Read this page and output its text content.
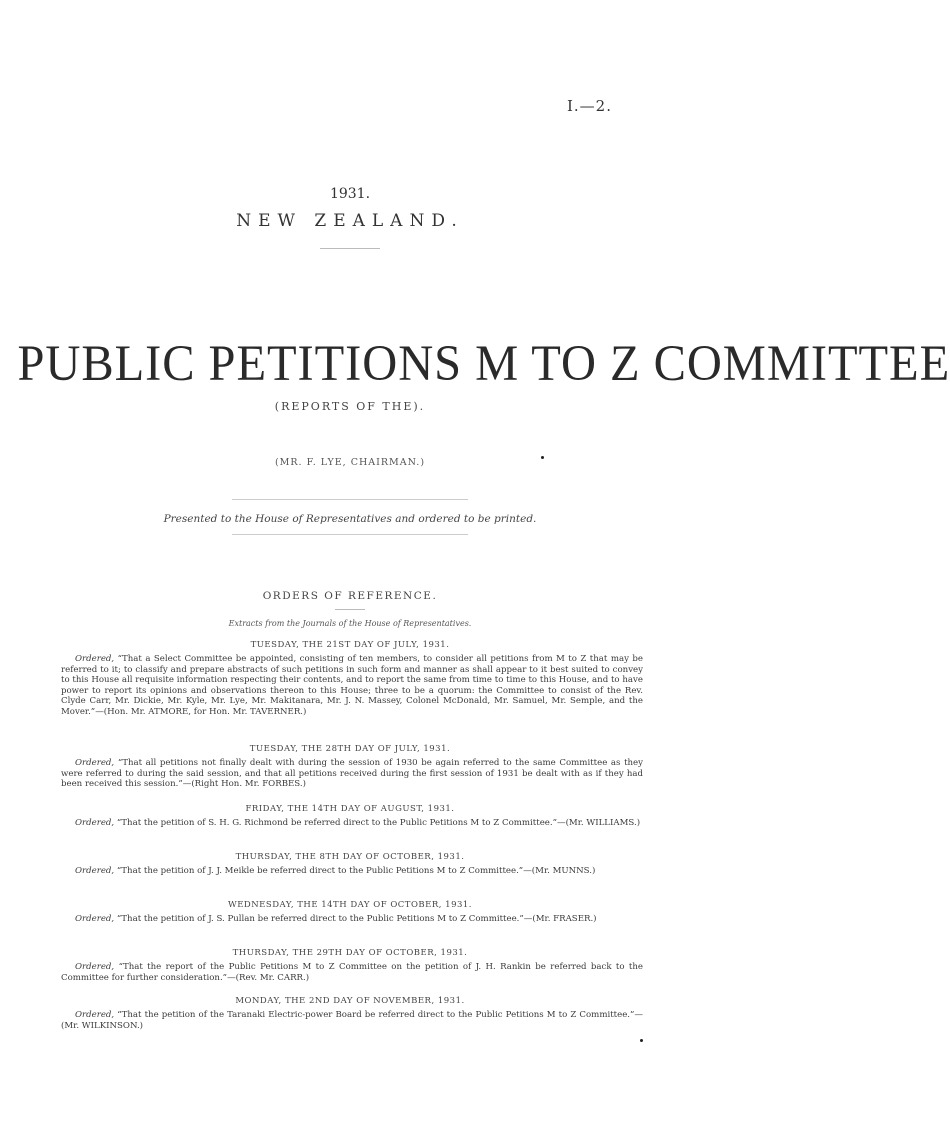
I.—2.
1931.
NEW ZEALAND.
PUBLIC PETITIONS M TO Z COMMITTEE
(REPORTS OF THE).
(MR. F. LYE, CHAIRMAN.)
Presented to the House of Representatives and ordered to be printed.
ORDERS OF REFERENCE.
Extracts from the Journals of the House of Representatives.
TUESDAY, THE 21ST DAY OF JULY, 1931.
Ordered, “That a Select Committee be appointed, consisting of ten members, to consider all petitions from M to Z that may be referred to it; to classify and prepare abstracts of such petitions in such form and manner as shall appear to it best suited to convey to this House all requisite information respecting their contents, and to report the same from time to time to this House, and to have power to report its opinions and observations thereon to this House; three to be a quorum: the Committee to consist of the Rev. Clyde Carr, Mr. Dickie, Mr. Kyle, Mr. Lye, Mr. Makitanara, Mr. J. N. Massey, Colonel McDonald, Mr. Samuel, Mr. Semple, and the Mover.”—(Hon. Mr. ATMORE, for Hon. Mr. TAVERNER.)
TUESDAY, THE 28TH DAY OF JULY, 1931.
Ordered, “That all petitions not finally dealt with during the session of 1930 be again referred to the same Committee as they were referred to during the said session, and that all petitions received during the first session of 1931 be dealt with as if they had been received this session.”—(Right Hon. Mr. FORBES.)
FRIDAY, THE 14TH DAY OF AUGUST, 1931.
Ordered, “That the petition of S. H. G. Richmond be referred direct to the Public Petitions M to Z Committee.”—(Mr. WILLIAMS.)
THURSDAY, THE 8TH DAY OF OCTOBER, 1931.
Ordered, “That the petition of J. J. Meikle be referred direct to the Public Petitions M to Z Committee.”—(Mr. MUNNS.)
WEDNESDAY, THE 14TH DAY OF OCTOBER, 1931.
Ordered, “That the petition of J. S. Pullan be referred direct to the Public Petitions M to Z Committee.”—(Mr. FRASER.)
THURSDAY, THE 29TH DAY OF OCTOBER, 1931.
Ordered, “That the report of the Public Petitions M to Z Committee on the petition of J. H. Rankin be referred back to the Committee for further consideration.”—(Rev. Mr. CARR.)
MONDAY, THE 2ND DAY OF NOVEMBER, 1931.
Ordered, “That the petition of the Taranaki Electric-power Board be referred direct to the Public Petitions M to Z Committee.”—(Mr. WILKINSON.)
